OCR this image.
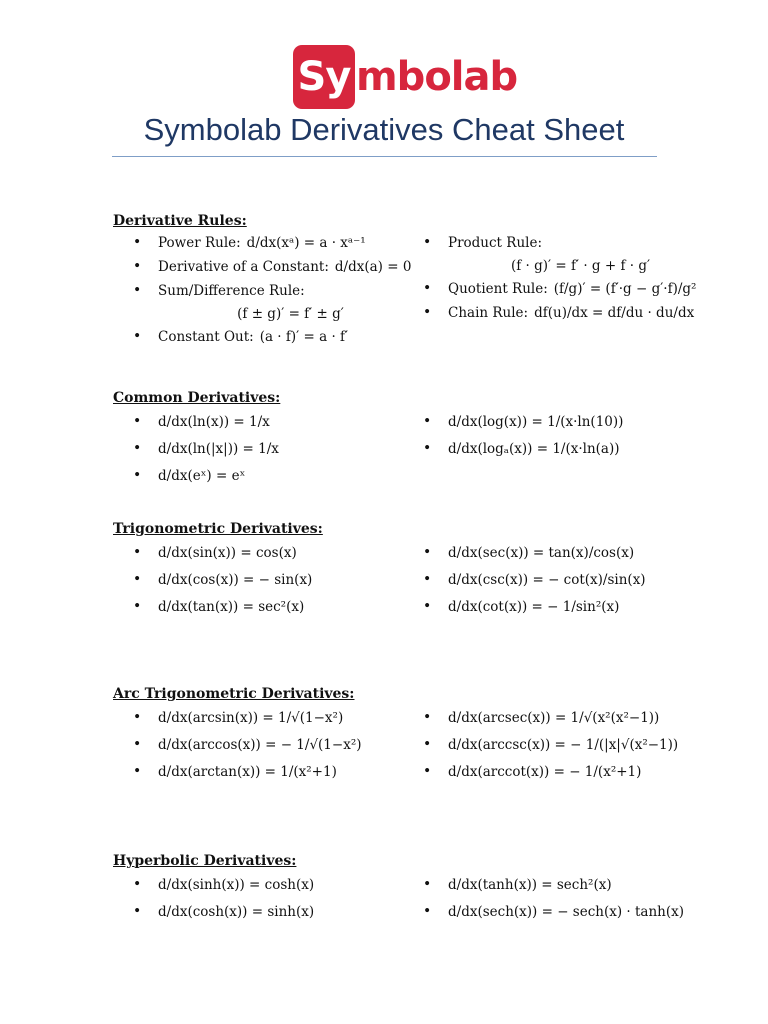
Sy mbolab
Symbolab Derivatives Cheat Sheet
Derivative Rules:
• Power Rule: d/dx(xᵃ) = a · xᵃ⁻¹
• Derivative of a Constant: d/dx(a) = 0
• Sum/Difference Rule:
(f ± g)′ = f′ ± g′
• Constant Out: (a · f)′ = a · f′
• Product Rule:
(f · g)′ = f′ · g + f · g′
• Quotient Rule: (f/g)′ = (f′·g − g′·f)/g²
• Chain Rule: df(u)/dx = df/du · du/dx
Common Derivatives:
• d/dx(ln(x)) = 1/x
• d/dx(ln(|x|)) = 1/x
• d/dx(eˣ) = eˣ
• d/dx(log(x)) = 1/(x·ln(10))
• d/dx(logₐ(x)) = 1/(x·ln(a))
Trigonometric Derivatives:
• d/dx(sin(x)) = cos(x)
• d/dx(cos(x)) = − sin(x)
• d/dx(tan(x)) = sec²(x)
• d/dx(sec(x)) = tan(x)/cos(x)
• d/dx(csc(x)) = − cot(x)/sin(x)
• d/dx(cot(x)) = − 1/sin²(x)
Arc Trigonometric Derivatives:
• d/dx(arcsin(x)) = 1/√(1−x²)
• d/dx(arccos(x)) = − 1/√(1−x²)
• d/dx(arctan(x)) = 1/(x²+1)
• d/dx(arcsec(x)) = 1/√(x²(x²−1))
• d/dx(arccsc(x)) = − 1/(|x|√(x²−1))
• d/dx(arccot(x)) = − 1/(x²+1)
Hyperbolic Derivatives:
• d/dx(sinh(x)) = cosh(x)
• d/dx(cosh(x)) = sinh(x)
• d/dx(tanh(x)) = sech²(x)
• d/dx(sech(x)) = − sech(x) · tanh(x)
